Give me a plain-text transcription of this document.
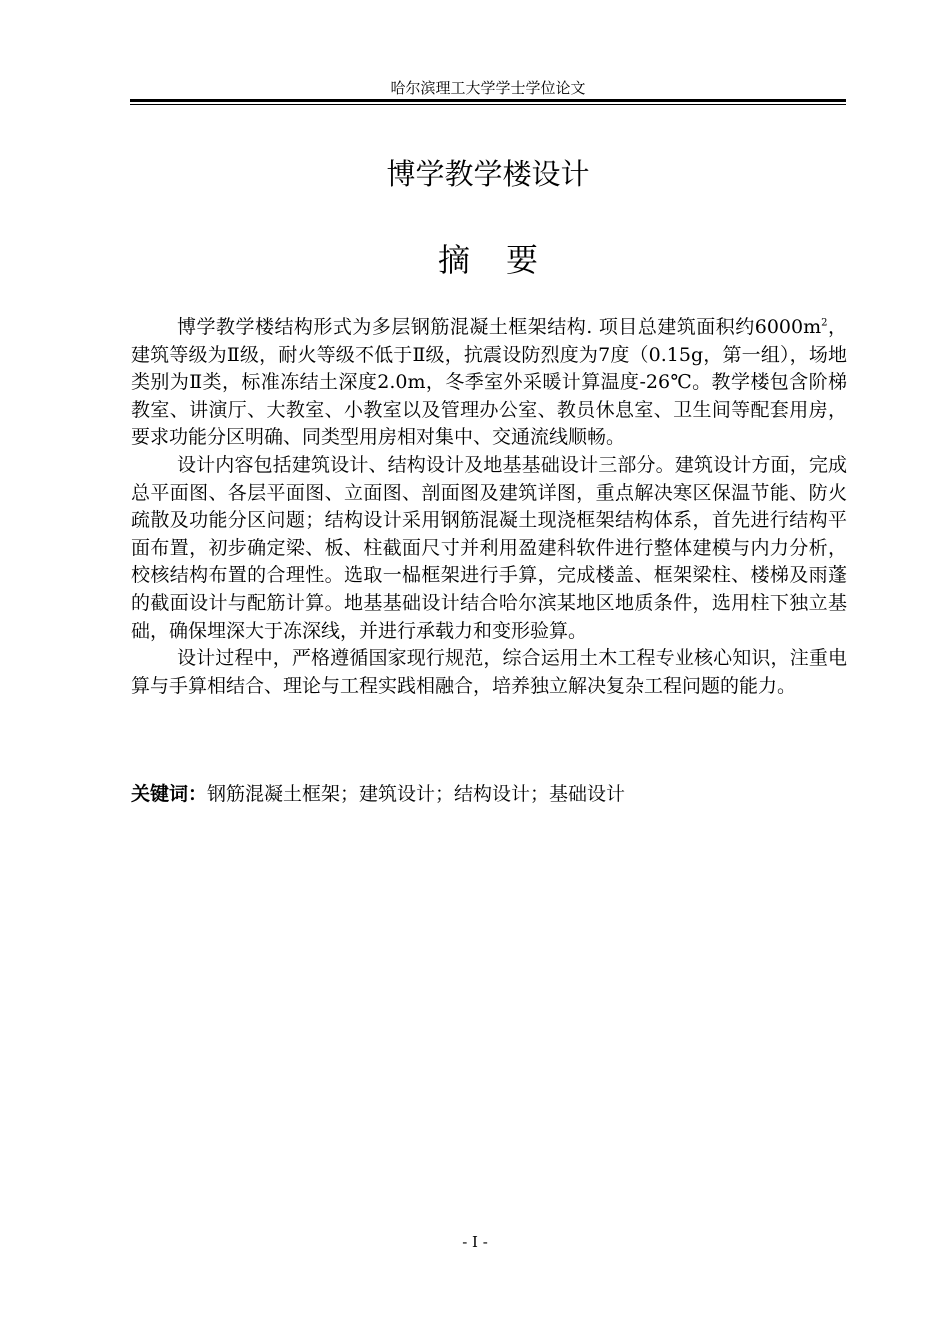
哈尔滨理工大学学士学位论文
博学教学楼设计
摘要

博学教学楼结构形式为多层钢筋混凝土框架结构. 项目总建筑面积约$6000m^2$，建筑等级为Ⅱ级，耐火等级不低于Ⅱ级，抗震设防烈度为7度（0.15g，第一组），场地类别为Ⅱ类，标准冻结土深度2.0m，冬季室外采暖计算温度-26℃。教学楼包含阶梯教室、讲演厅、大教室、小教室以及管理办公室、教员休息室、卫生间等配套用房，要求功能分区明确、同类型用房相对集中、交通流线顺畅。

设计内容包括建筑设计、结构设计及地基基础设计三部分。建筑设计方面，完成总平面图、各层平面图、立面图、剖面图及建筑详图，重点解决寒区保温节能、防火疏散及功能分区问题；结构设计采用钢筋混凝土现浇框架结构体系，首先进行结构平面布置，初步确定梁、板、柱截面尺寸并利用盈建科软件进行整体建模与内力分析，校核结构布置的合理性。选取一榀框架进行手算，完成楼盖、框架梁柱、楼梯及雨蓬的截面设计与配筋计算。地基基础设计结合哈尔滨某地区地质条件，选用柱下独立基础，确保埋深大于冻深线，并进行承载力和变形验算。

设计过程中，严格遵循国家现行规范，综合运用土木工程专业核心知识，注重电算与手算相结合、理论与工程实践相融合，培养独立解决复杂工程问题的能力。

关键词：钢筋混凝土框架；建筑设计；结构设计；基础设计
- I -
